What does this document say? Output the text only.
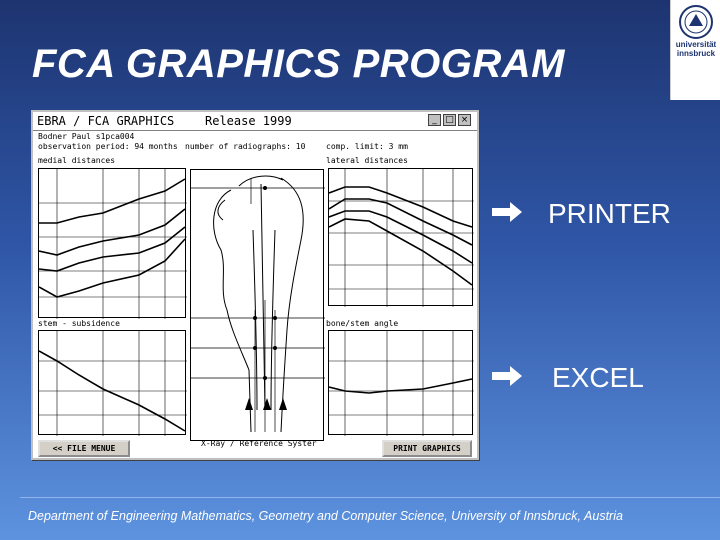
FCA GRAPHICS PROGRAM	universität
innsbruck
EBRA / FCA GRAPHICS	Release 1999	_ □ ×
Bodner Paul s1pca004
observation period: 94 months number of radiographs: 10	comp. limit: 3 mm
medial distances	lateral distances
stem - subsidence	bone/stem angle
<< FILE MENUE
X-Ray / Reference Syster
PRINT GRAPHICS
PRINTER
EXCEL
Department of Engineering Mathematics, Geometry and Computer Science, University of Innsbruck, Austria
